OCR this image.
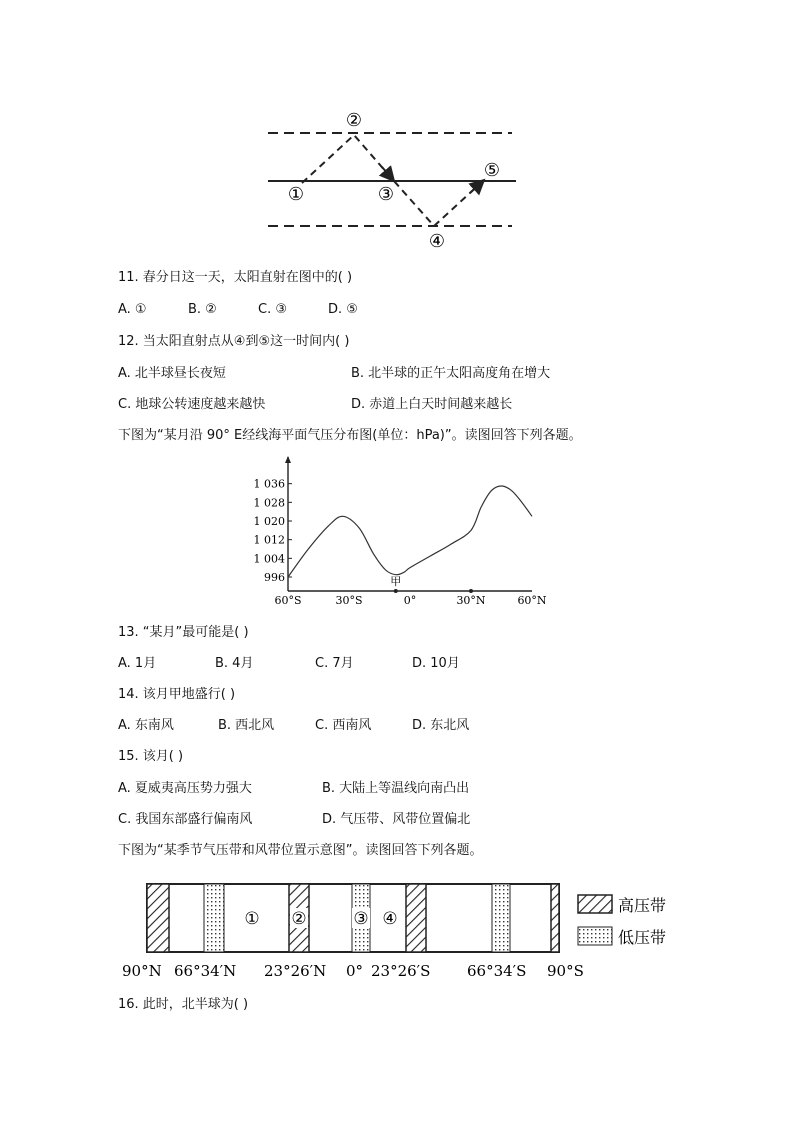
①
②
③
④
⑤
11. 春分日这一天，太阳直射在图中的( )
A. ①	B. ②	C. ③	D. ⑤
12. 当太阳直射点从④到⑤这一时间内( )
A. 北半球昼长夜短	B. 北半球的正午太阳高度角在增大
C. 地球公转速度越来越快	D. 赤道上白天时间越来越长
下图为“某月沿 90° E经线海平面气压分布图(单位：hPa)”。读图回答下列各题。
1 036
1 028
1 020
1 012
1 004
996
60°S	30°S	0°	30°N	60°N
甲
13. “某月”最可能是( )
A. 1月	B. 4月	C. 7月	D. 10月
14. 该月甲地盛行( )
A. 东南风	B. 西北风	C. 西南风	D. 东北风
15. 该月( )
A. 夏威夷高压势力强大	B. 大陆上等温线向南凸出
C. 我国东部盛行偏南风	D. 气压带、风带位置偏北
下图为“某季节气压带和风带位置示意图”。读图回答下列各题。
① ②	③ ④
90°N 66°34′N 23°26′N 0° 23°26′S 66°34′S 90°S
高压带
低压带
16. 此时，北半球为( )
